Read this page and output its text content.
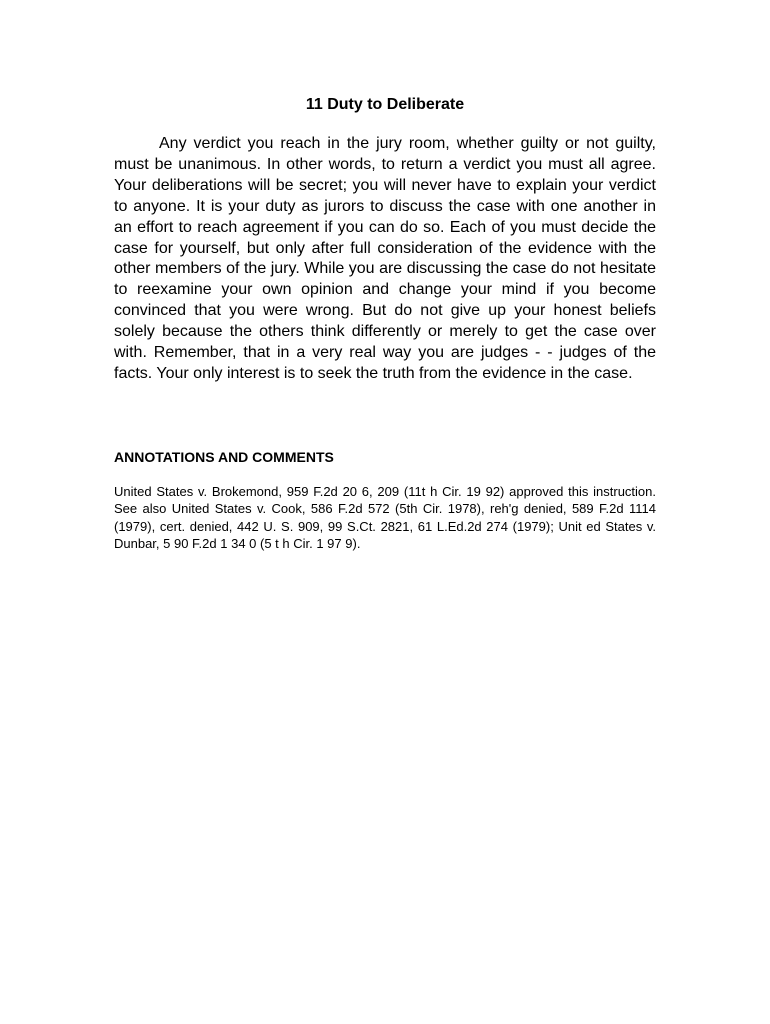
11 Duty to Deliberate

Any verdict you reach in the jury room, whether guilty or not guilty, must be unanimous. In other words, to return a verdict you must all agree. Your deliberations will be secret; you will never have to explain your verdict to anyone. It is your duty as jurors to discuss the case with one another in an effort to reach agreement if you can do so. Each of you must decide the case for yourself, but only after full consideration of the evidence with the other members of the jury. While you are discussing the case do not hesitate to reexamine your own opinion and change your mind if you become convinced that you were wrong. But do not give up your honest beliefs solely because the others think differently or merely to get the case over with. Remember, that in a very real way you are judges - - judges of the facts. Your only interest is to seek the truth from the evidence in the case.

ANNOTATIONS AND COMMENTS

United States v. Brokemond, 959 F.2d 20 6, 209 (11t h Cir. 19 92) approved this instruction. See also United States v. Cook, 586 F.2d 572 (5th Cir. 1978), reh'g denied, 589 F.2d 1114 (1979), cert. denied, 442 U. S. 909, 99 S.Ct. 2821, 61 L.Ed.2d 274 (1979); Unit ed States v. Dunbar, 5 90 F.2d 1 34 0 (5 t h Cir. 1 97 9).
